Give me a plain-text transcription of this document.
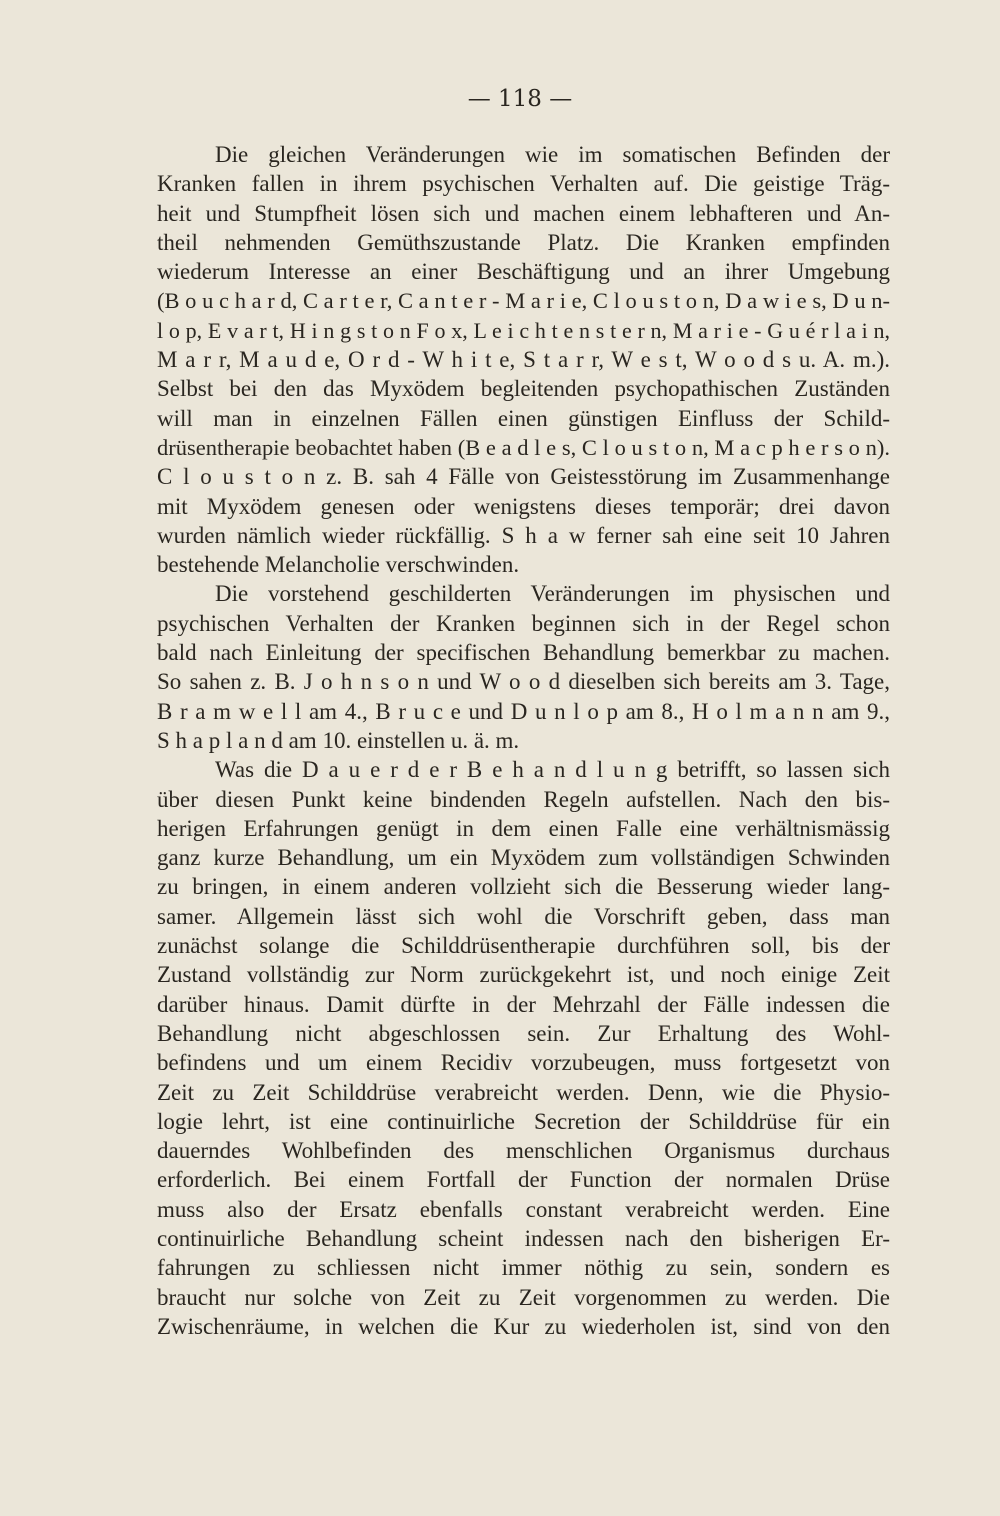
— 118 —
Die gleichen Veränderungen wie im somatischen Befinden der
Kranken fallen in ihrem psychischen Verhalten auf. Die geistige Träg-
heit und Stumpfheit lösen sich und machen einem lebhafteren und An-
theil nehmenden Gemüthszustande Platz. Die Kranken empfinden
wiederum Interesse an einer Beschäftigung und an ihrer Umgebung
(B o u c h a r d, C a r t e r, C a n t e r - M a r i e, C l o u s t o n, D a w i e s, D u n-
l o p, E v a r t, H i n g s t o n F o x, L e i c h t e n s t e r n, M a r i e - G u é r l a i n,
M a r r, M a u d e, O r d - W h i t e, S t a r r, W e s t, W o o d s u. A. m.).
Selbst bei den das Myxödem begleitenden psychopathischen Zuständen
will man in einzelnen Fällen einen günstigen Einfluss der Schild-
drüsentherapie beobachtet haben (B e a d l e s, C l o u s t o n, M a c p h e r s o n).
C l o u s t o n z. B. sah 4 Fälle von Geistesstörung im Zusammenhange
mit Myxödem genesen oder wenigstens dieses temporär; drei davon
wurden nämlich wieder rückfällig. S h a w ferner sah eine seit 10 Jahren
bestehende Melancholie verschwinden.
Die vorstehend geschilderten Veränderungen im physischen und
psychischen Verhalten der Kranken beginnen sich in der Regel schon
bald nach Einleitung der specifischen Behandlung bemerkbar zu machen.
So sahen z. B. J o h n s o n und W o o d dieselben sich bereits am 3. Tage,
B r a m w e l l am 4., B r u c e und D u n l o p am 8., H o l m a n n am 9.,
S h a p l a n d am 10. einstellen u. ä. m.
Was die D a u e r d e r B e h a n d l u n g betrifft, so lassen sich
über diesen Punkt keine bindenden Regeln aufstellen. Nach den bis-
herigen Erfahrungen genügt in dem einen Falle eine verhältnismässig
ganz kurze Behandlung, um ein Myxödem zum vollständigen Schwinden
zu bringen, in einem anderen vollzieht sich die Besserung wieder lang-
samer. Allgemein lässt sich wohl die Vorschrift geben, dass man
zunächst solange die Schilddrüsentherapie durchführen soll, bis der
Zustand vollständig zur Norm zurückgekehrt ist, und noch einige Zeit
darüber hinaus. Damit dürfte in der Mehrzahl der Fälle indessen die
Behandlung nicht abgeschlossen sein. Zur Erhaltung des Wohl-
befindens und um einem Recidiv vorzubeugen, muss fortgesetzt von
Zeit zu Zeit Schilddrüse verabreicht werden. Denn, wie die Physio-
logie lehrt, ist eine continuirliche Secretion der Schilddrüse für ein
dauerndes Wohlbefinden des menschlichen Organismus durchaus
erforderlich. Bei einem Fortfall der Function der normalen Drüse
muss also der Ersatz ebenfalls constant verabreicht werden. Eine
continuirliche Behandlung scheint indessen nach den bisherigen Er-
fahrungen zu schliessen nicht immer nöthig zu sein, sondern es
braucht nur solche von Zeit zu Zeit vorgenommen zu werden. Die
Zwischenräume, in welchen die Kur zu wiederholen ist, sind von den
